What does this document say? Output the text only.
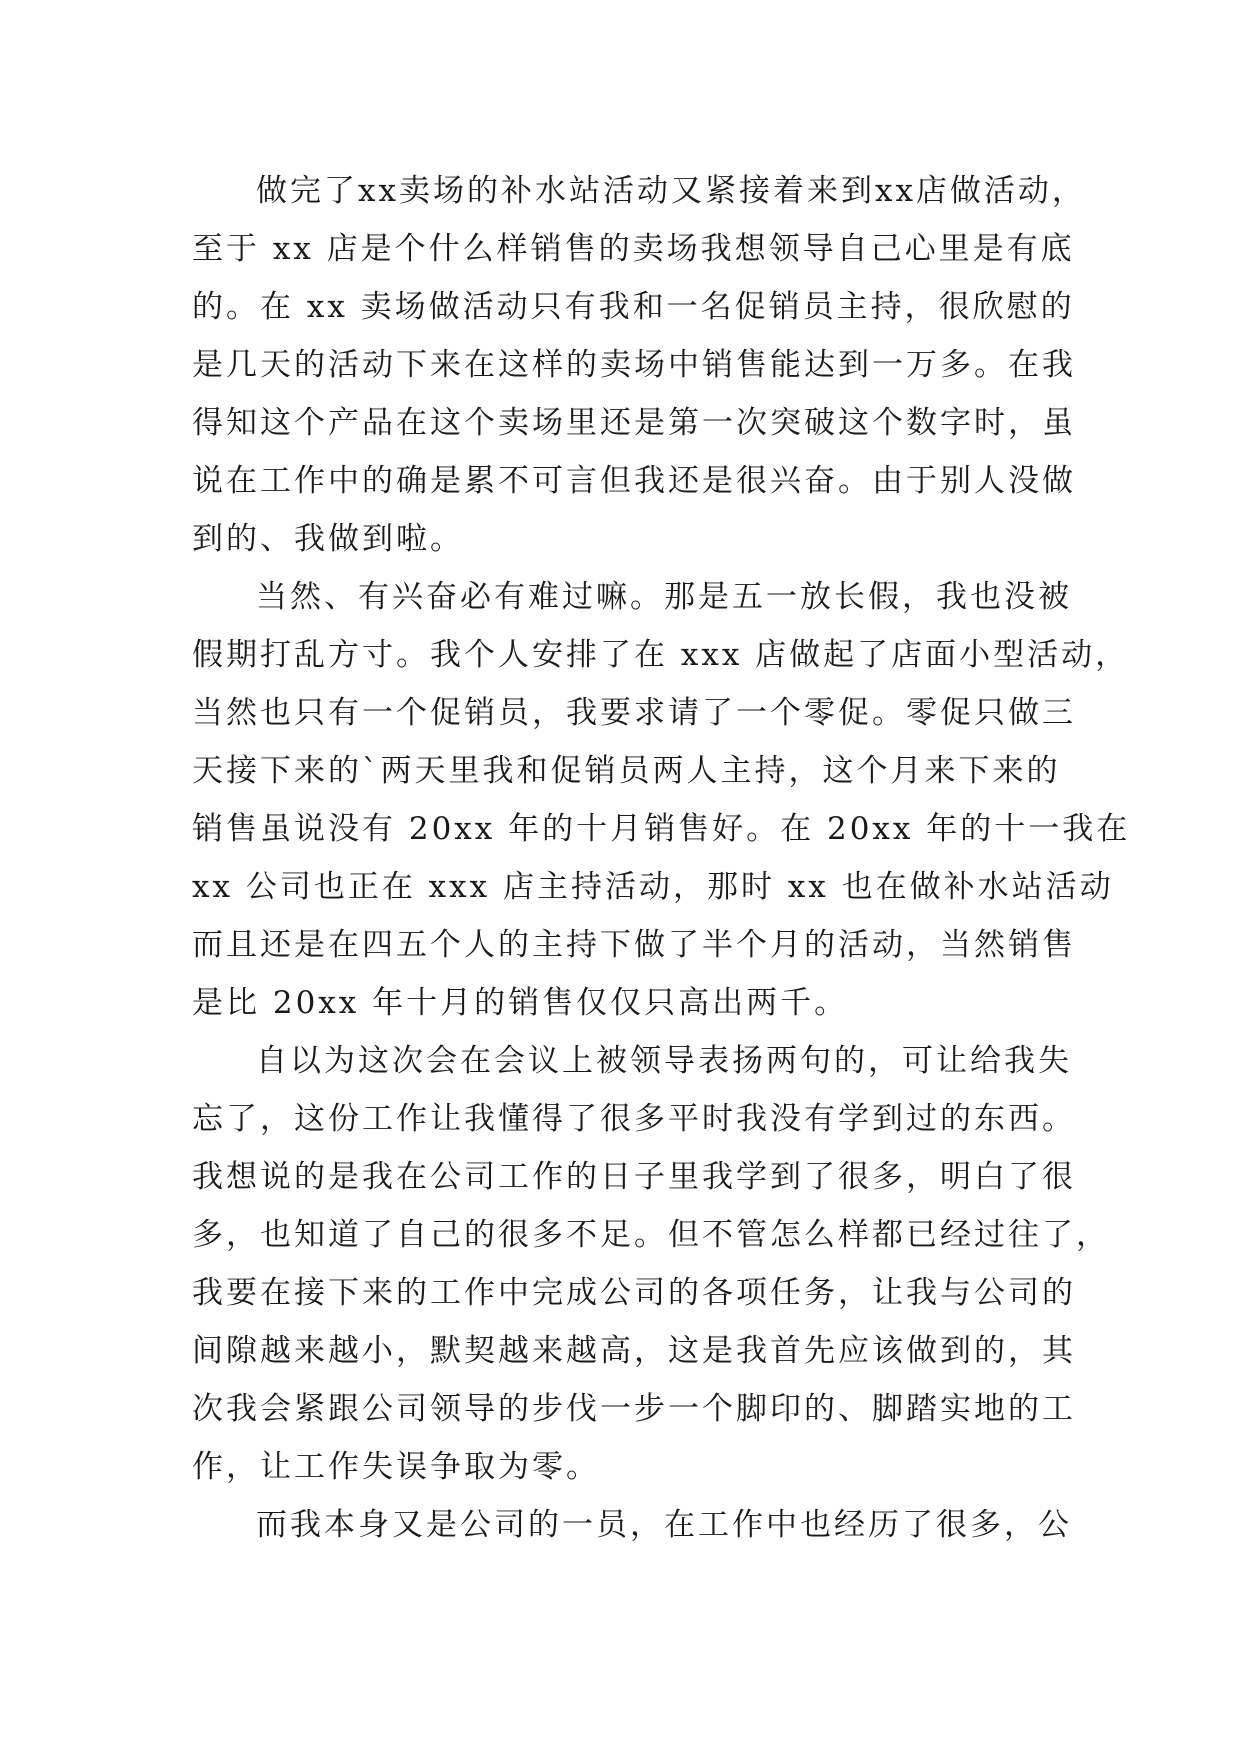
做完了xx卖场的补水站活动又紧接着来到xx店做活动，
至于 xx 店是个什么样销售的卖场我想领导自己心里是有底
的。在 xx 卖场做活动只有我和一名促销员主持，很欣慰的
是几天的活动下来在这样的卖场中销售能达到一万多。在我
得知这个产品在这个卖场里还是第一次突破这个数字时，虽
说在工作中的确是累不可言但我还是很兴奋。由于别人没做
到的、我做到啦。
当然、有兴奋必有难过嘛。那是五一放长假，我也没被
假期打乱方寸。我个人安排了在 xxx 店做起了店面小型活动，
当然也只有一个促销员，我要求请了一个零促。零促只做三
天接下来的`两天里我和促销员两人主持，这个月来下来的
销售虽说没有 20xx 年的十月销售好。在 20xx 年的十一我在
xx 公司也正在 xxx 店主持活动，那时 xx 也在做补水站活动
而且还是在四五个人的主持下做了半个月的活动，当然销售
是比 20xx 年十月的销售仅仅只高出两千。
自以为这次会在会议上被领导表扬两句的，可让给我失
忘了，这份工作让我懂得了很多平时我没有学到过的东西。
我想说的是我在公司工作的日子里我学到了很多，明白了很
多，也知道了自己的很多不足。但不管怎么样都已经过往了，
我要在接下来的工作中完成公司的各项任务，让我与公司的
间隙越来越小，默契越来越高，这是我首先应该做到的，其
次我会紧跟公司领导的步伐一步一个脚印的、脚踏实地的工
作，让工作失误争取为零。
而我本身又是公司的一员，在工作中也经历了很多，公
